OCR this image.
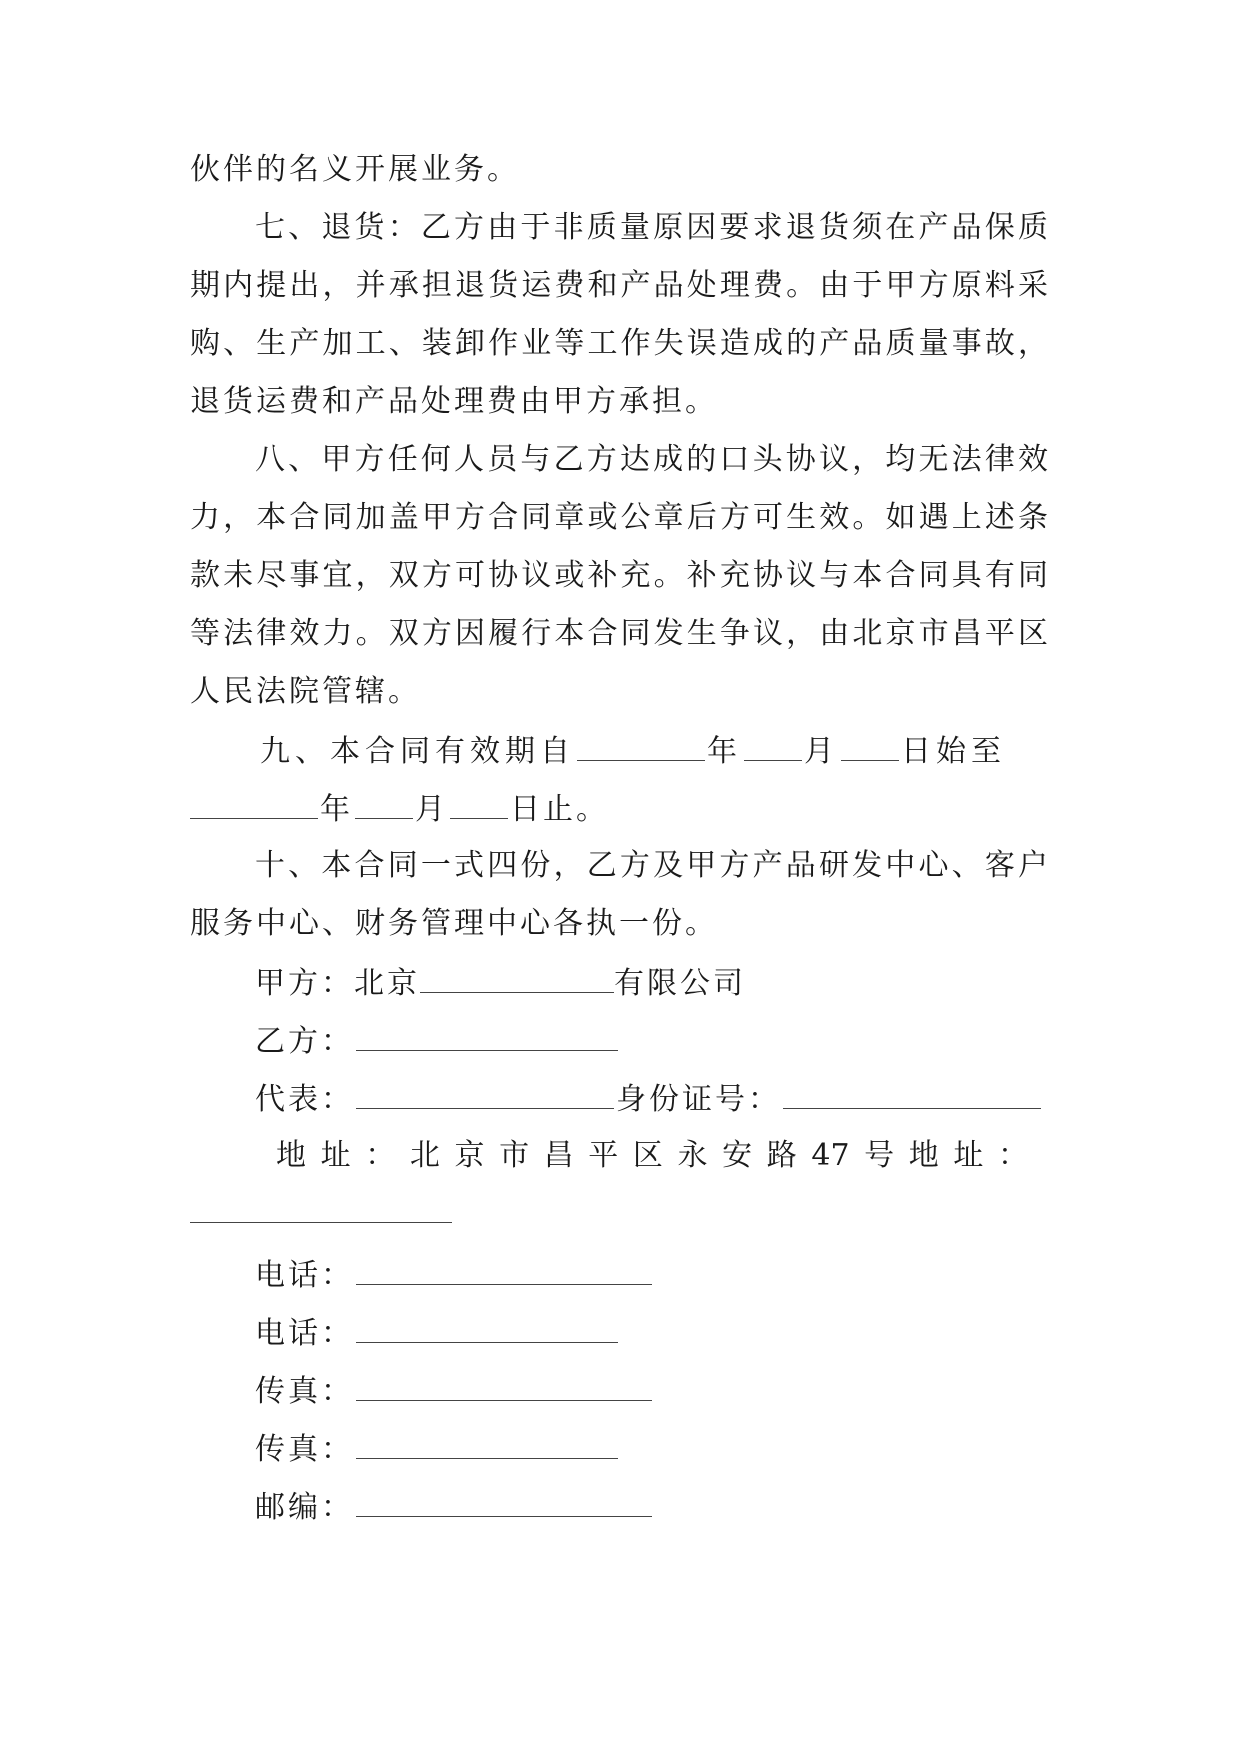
伙伴的名义开展业务。
七、退货：乙方由于非质量原因要求退货须在产品保质
期内提出，并承担退货运费和产品处理费。由于甲方原料采
购、生产加工、装卸作业等工作失误造成的产品质量事故，
退货运费和产品处理费由甲方承担。
八、甲方任何人员与乙方达成的口头协议，均无法律效
力，本合同加盖甲方合同章或公章后方可生效。如遇上述条
款未尽事宜，双方可协议或补充。补充协议与本合同具有同
等法律效力。双方因履行本合同发生争议，由北京市昌平区
人民法院管辖。
九、本合同有效期自	年 月 日始至
年 月 日止。
十、本合同一式四份，乙方及甲方产品研发中心、客户
服务中心、财务管理中心各执一份。
甲方：北京	有限公司
乙方：
代表：	身份证号：
地址：北京市昌平区永安路47号地址：
电话：
电话：
传真：
传真：
邮编：
